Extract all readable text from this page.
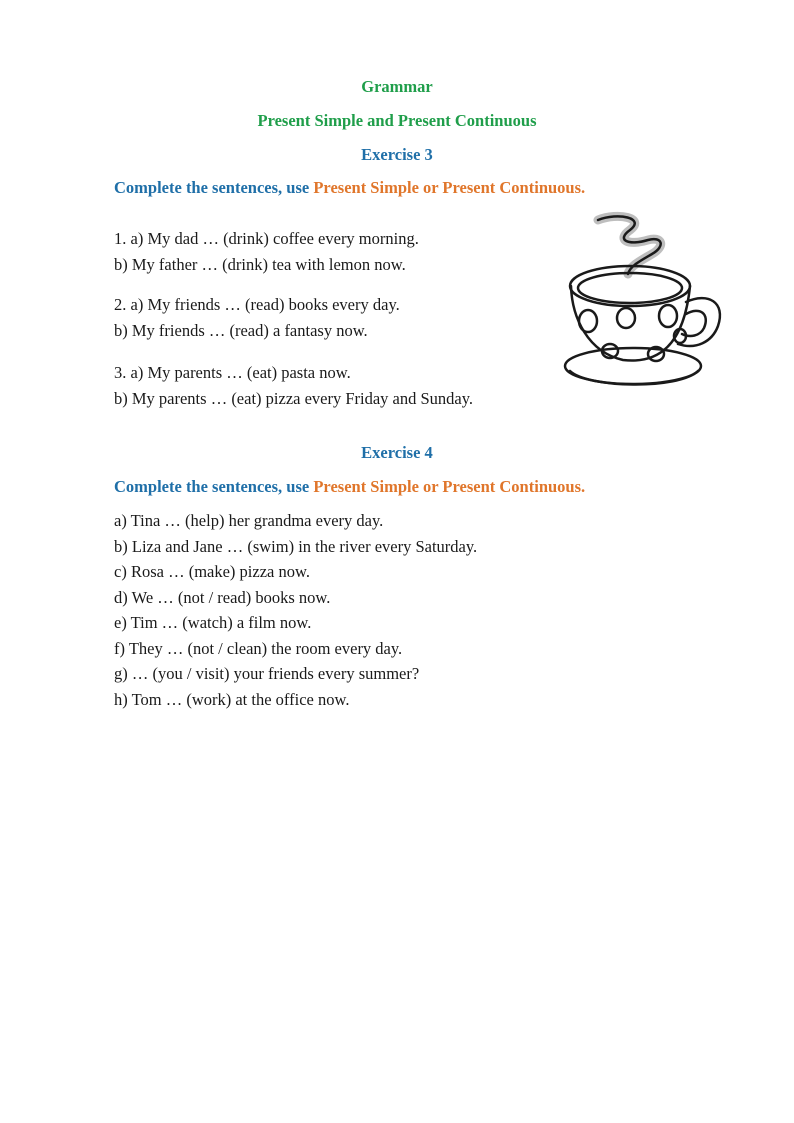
Grammar
Present Simple and Present Continuous
Exercise 3
Complete the sentences, use Present Simple or Present Continuous.
1. a) My dad … (drink) coffee every morning.
b) My father … (drink) tea with lemon now.
2. a) My friends … (read) books every day.
b) My friends … (read) a fantasy now.
3. a) My parents … (eat) pasta now.
b) My parents … (eat) pizza every Friday and Sunday.
Exercise 4
Complete the sentences, use Present Simple or Present Continuous.
a) Tina … (help) her grandma every day.
b) Liza and Jane … (swim) in the river every Saturday.
c) Rosa … (make) pizza now.
d) We … (not / read) books now.
e) Tim … (watch) a film now.
f) They … (not / clean) the room every day.
g) … (you / visit) your friends every summer?
h) Tom … (work) at the office now.
